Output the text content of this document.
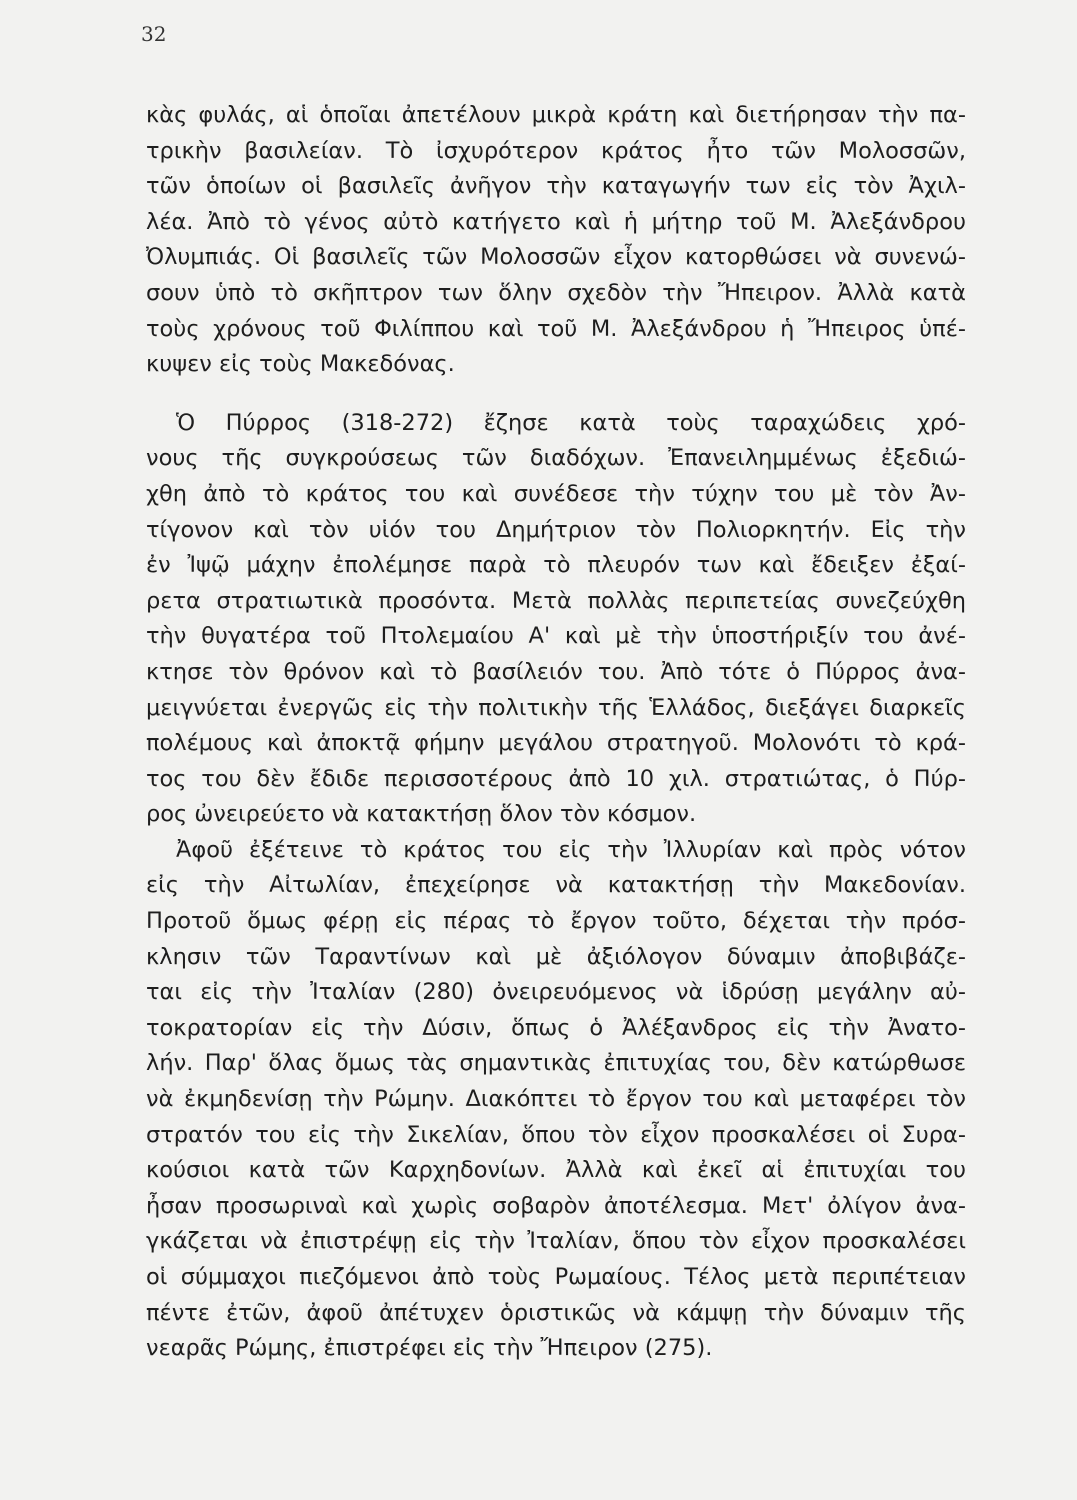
32
κὰς φυλάς, αἱ ὁποῖαι ἀπετέλουν μικρὰ κράτη καὶ διετήρησαν τὴν πα-
τρικὴν βασιλείαν. Τὸ ἰσχυρότερον κράτος ἦτο τῶν Μολοσσῶν,
τῶν ὁποίων οἱ βασιλεῖς ἀνῆγον τὴν καταγωγήν των εἰς τὸν Ἀχιλ-
λέα. Ἀπὸ τὸ γένος αὐτὸ κατήγετο καὶ ἡ μήτηρ τοῦ Μ. Ἀλεξάνδρου
Ὀλυμπιάς. Οἱ βασιλεῖς τῶν Μολοσσῶν εἶχον κατορθώσει νὰ συνενώ-
σουν ὑπὸ τὸ σκῆπτρον των ὅλην σχεδὸν τὴν Ἤπειρον. Ἀλλὰ κατὰ
τοὺς χρόνους τοῦ Φιλίππου καὶ τοῦ Μ. Ἀλεξάνδρου ἡ Ἤπειρος ὑπέ-
κυψεν εἰς τοὺς Μακεδόνας.
Ὁ Πύρρος (318-272) ἔζησε κατὰ τοὺς ταραχώδεις χρό-
νους τῆς συγκρούσεως τῶν διαδόχων. Ἐπανειλημμένως ἐξεδιώ-
χθη ἀπὸ τὸ κράτος του καὶ συνέδεσε τὴν τύχην του μὲ τὸν Ἀν-
τίγονον καὶ τὸν υἱόν του Δημήτριον τὸν Πολιορκητήν. Εἰς τὴν
ἐν Ἰψῷ μάχην ἐπολέμησε παρὰ τὸ πλευρόν των καὶ ἔδειξεν ἐξαί-
ρετα στρατιωτικὰ προσόντα. Μετὰ πολλὰς περιπετείας συνεζεύχθη
τὴν θυγατέρα τοῦ Πτολεμαίου Α' καὶ μὲ τὴν ὑποστήριξίν του ἀνέ-
κτησε τὸν θρόνον καὶ τὸ βασίλειόν του. Ἀπὸ τότε ὁ Πύρρος ἀνα-
μειγνύεται ἐνεργῶς εἰς τὴν πολιτικὴν τῆς Ἑλλάδος, διεξάγει διαρκεῖς
πολέμους καὶ ἀποκτᾷ φήμην μεγάλου στρατηγοῦ. Μολονότι τὸ κρά-
τος του δὲν ἔδιδε περισσοτέρους ἀπὸ 10 χιλ. στρατιώτας, ὁ Πύρ-
ρος ὠνειρεύετο νὰ κατακτήσῃ ὅλον τὸν κόσμον.
Ἀφοῦ ἐξέτεινε τὸ κράτος του εἰς τὴν Ἰλλυρίαν καὶ πρὸς νότον
εἰς τὴν Αἰτωλίαν, ἐπεχείρησε νὰ κατακτήσῃ τὴν Μακεδονίαν.
Προτοῦ ὅμως φέρῃ εἰς πέρας τὸ ἔργον τοῦτο, δέχεται τὴν πρόσ-
κλησιν τῶν Ταραντίνων καὶ μὲ ἀξιόλογον δύναμιν ἀποβιβάζε-
ται εἰς τὴν Ἰταλίαν (280) ὀνειρευόμενος νὰ ἱδρύσῃ μεγάλην αὐ-
τοκρατορίαν εἰς τὴν Δύσιν, ὅπως ὁ Ἀλέξανδρος εἰς τὴν Ἀνατο-
λήν. Παρ' ὅλας ὅμως τὰς σημαντικὰς ἐπιτυχίας του, δὲν κατώρθωσε
νὰ ἐκμηδενίσῃ τὴν Ρώμην. Διακόπτει τὸ ἔργον του καὶ μεταφέρει τὸν
στρατόν του εἰς τὴν Σικελίαν, ὅπου τὸν εἶχον προσκαλέσει οἱ Συρα-
κούσιοι κατὰ τῶν Καρχηδονίων. Ἀλλὰ καὶ ἐκεῖ αἱ ἐπιτυχίαι του
ἦσαν προσωριναὶ καὶ χωρὶς σοβαρὸν ἀποτέλεσμα. Μετ' ὀλίγον ἀνα-
γκάζεται νὰ ἐπιστρέψῃ εἰς τὴν Ἰταλίαν, ὅπου τὸν εἶχον προσκαλέσει
οἱ σύμμαχοι πιεζόμενοι ἀπὸ τοὺς Ρωμαίους. Τέλος μετὰ περιπέτειαν
πέντε ἐτῶν, ἀφοῦ ἀπέτυχεν ὁριστικῶς νὰ κάμψῃ τὴν δύναμιν τῆς
νεαρᾶς Ρώμης, ἐπιστρέφει εἰς τὴν Ἤπειρον (275).
